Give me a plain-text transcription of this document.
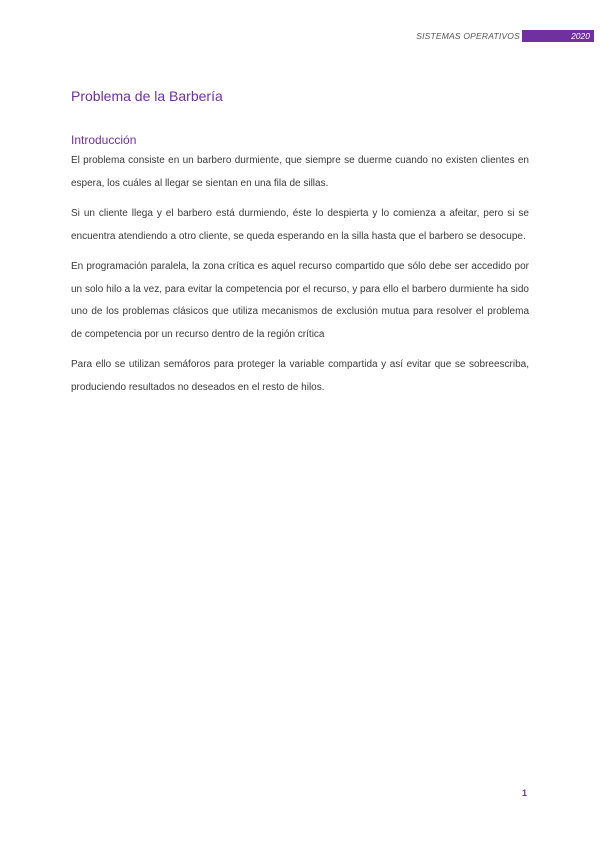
SISTEMAS OPERATIVOS	2020
Problema de la Barbería
Introducción

El problema consiste en un barbero durmiente, que siempre se duerme cuando no existen clientes en espera, los cuáles al llegar se sientan en una fila de sillas.

Si un cliente llega y el barbero está durmiendo, éste lo despierta y lo comienza a afeitar, pero si se encuentra atendiendo a otro cliente, se queda esperando en la silla hasta que el barbero se desocupe.

En programación paralela, la zona crítica es aquel recurso compartido que sólo debe ser accedido por un solo hilo a la vez, para evitar la competencia por el recurso, y para ello el barbero durmiente ha sido uno de los problemas clásicos que utiliza mecanismos de exclusión mutua para resolver el problema de competencia por un recurso dentro de la región crítica

Para ello se utilizan semáforos para proteger la variable compartida y así evitar que se sobreescriba, produciendo resultados no deseados en el resto de hilos.

1
